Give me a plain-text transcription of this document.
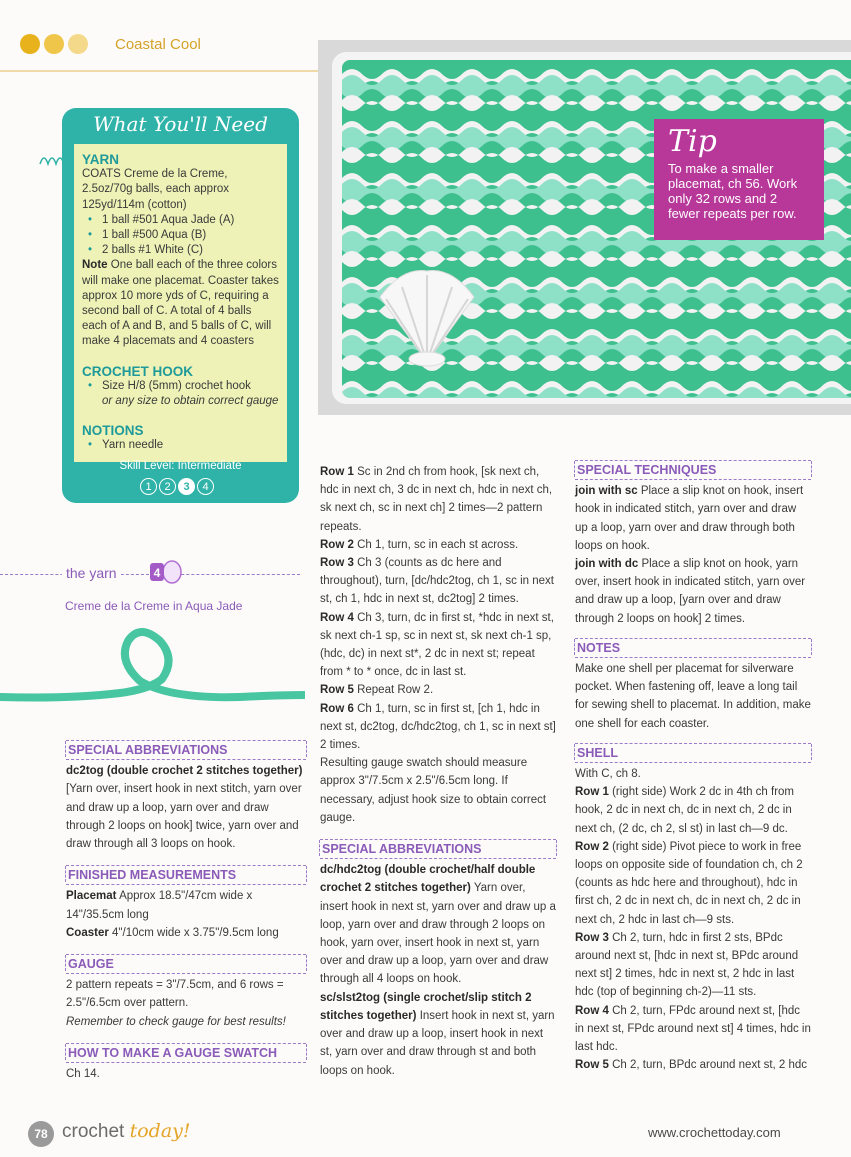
Coastal Cool
Tip
To make a smaller placemat, ch 56. Work only 32 rows and 2 fewer repeats per row.
What You'll Need
YARN
COATS Creme de la Creme, 2.5oz/70g balls, each approx 125yd/114m (cotton)
• 1 ball #501 Aqua Jade (A)
• 1 ball #500 Aqua (B)
• 2 balls #1 White (C)
Note One ball each of the three colors will make one placemat. Coaster takes approx 10 more yds of C, requiring a second ball of C. A total of 4 balls each of A and B, and 5 balls of C, will make 4 placemats and 4 coasters
CROCHET HOOK
• Size H/8 (5mm) crochet hook
or any size to obtain correct gauge
NOTIONS
• Yarn needle
Skill Level: Intermediate
1	2	3	4
the yarn	4
Creme de la Creme in Aqua Jade
SPECIAL ABBREVIATIONS

dc2tog (double crochet 2 stitches together) [Yarn over, insert hook in next stitch, yarn over and draw up a loop, yarn over and draw through 2 loops on hook] twice, yarn over and draw through all 3 loops on hook.

FINISHED MEASUREMENTS

Placemat Approx 18.5"/47cm wide x 14"/35.5cm long

Coaster 4"/10cm wide x 3.75"/9.5cm long

GAUGE

2 pattern repeats = 3"/7.5cm, and 6 rows = 2.5"/6.5cm over pattern.

Remember to check gauge for best results!

HOW TO MAKE A GAUGE SWATCH

Ch 14.

Row 1 Sc in 2nd ch from hook, [sk next ch, hdc in next ch, 3 dc in next ch, hdc in next ch, sk next ch, sc in next ch] 2 times—2 pattern repeats.

Row 2 Ch 1, turn, sc in each st across.

Row 3 Ch 3 (counts as dc here and throughout), turn, [dc/hdc2tog, ch 1, sc in next st, ch 1, hdc in next st, dc2tog] 2 times.

Row 4 Ch 3, turn, dc in first st, *hdc in next st, sk next ch-1 sp, sc in next st, sk next ch-1 sp, (hdc, dc) in next st*, 2 dc in next st; repeat from * to * once, dc in last st.

Row 5 Repeat Row 2.

Row 6 Ch 1, turn, sc in first st, [ch 1, hdc in next st, dc2tog, dc/hdc2tog, ch 1, sc in next st] 2 times.

Resulting gauge swatch should measure approx 3"/7.5cm x 2.5"/6.5cm long. If necessary, adjust hook size to obtain correct gauge.

SPECIAL ABBREVIATIONS

dc/hdc2tog (double crochet/half double crochet 2 stitches together) Yarn over, insert hook in next st, yarn over and draw up a loop, yarn over and draw through 2 loops on hook, yarn over, insert hook in next st, yarn over and draw up a loop, yarn over and draw through all 4 loops on hook.

sc/slst2tog (single crochet/slip stitch 2 stitches together) Insert hook in next st, yarn over and draw up a loop, insert hook in next st, yarn over and draw through st and both loops on hook.

SPECIAL TECHNIQUES

join with sc Place a slip knot on hook, insert hook in indicated stitch, yarn over and draw up a loop, yarn over and draw through both loops on hook.

join with dc Place a slip knot on hook, yarn over, insert hook in indicated stitch, yarn over and draw up a loop, [yarn over and draw through 2 loops on hook] 2 times.

NOTES

Make one shell per placemat for silverware pocket. When fastening off, leave a long tail for sewing shell to placemat. In addition, make one shell for each coaster.

SHELL

With C, ch 8.

Row 1 (right side) Work 2 dc in 4th ch from hook, 2 dc in next ch, dc in next ch, 2 dc in next ch, (2 dc, ch 2, sl st) in last ch—9 dc.

Row 2 (right side) Pivot piece to work in free loops on opposite side of foundation ch, ch 2 (counts as hdc here and throughout), hdc in first ch, 2 dc in next ch, dc in next ch, 2 dc in next ch, 2 hdc in last ch—9 sts.

Row 3 Ch 2, turn, hdc in first 2 sts, BPdc around next st, [hdc in next st, BPdc around next st] 2 times, hdc in next st, 2 hdc in last hdc (top of beginning ch-2)—11 sts.

Row 4 Ch 2, turn, FPdc around next st, [hdc in next st, FPdc around next st] 4 times, hdc in last hdc.

Row 5 Ch 2, turn, BPdc around next st, 2 hdc

78 crochet today!	www.crochettoday.com
